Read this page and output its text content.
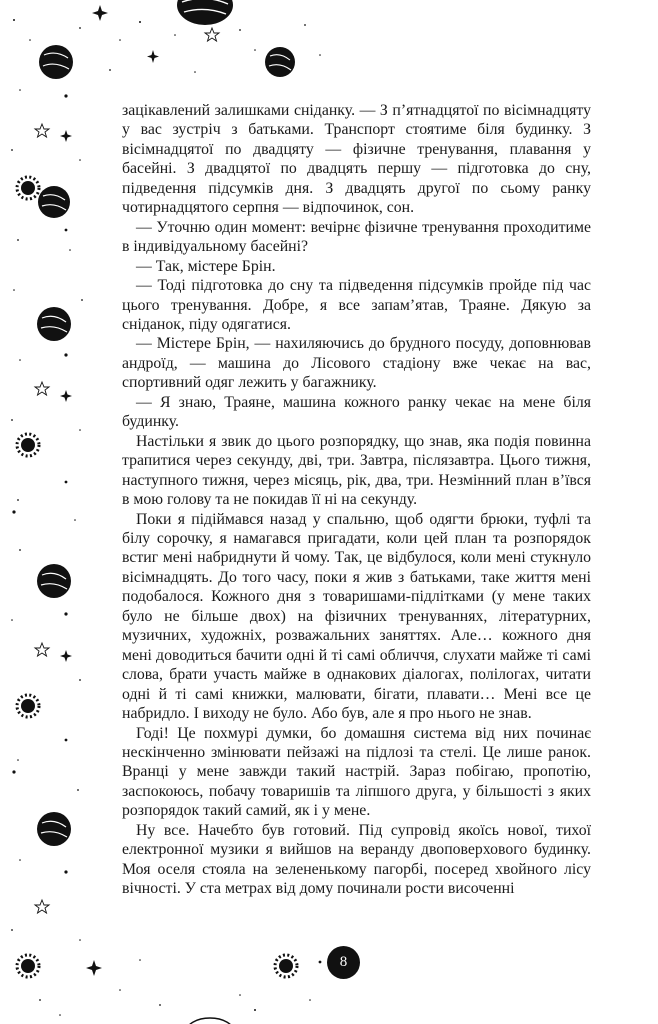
зацікавлений залишками сніданку. — З п’ятнадцятої по вісімнадцяту у вас зустріч з батьками. Транспорт стоятиме біля будинку. З вісімнадцятої по двадцяту — фізичне тренування, плавання у басейні. З двадцятої по двадцять першу — підготовка до сну, підведення підсумків дня. З двадцять другої по сьому ранку чотирнадцятого серпня — відпочинок, сон.

— Уточню один момент: вечірнє фізичне тренування проходитиме в індивідуальному басейні?

— Так, містере Брін.

— Тоді підготовка до сну та підведення підсумків пройде під час цього тренування. Добре, я все запам’ятав, Траяне. Дякую за сніданок, піду одягатися.

— Містере Брін, — нахиляючись до брудного посуду, доповнював андроїд, — машина до Лісового стадіону вже чекає на вас, спортивний одяг лежить у багажнику.

— Я знаю, Траяне, машина кожного ранку чекає на мене біля будинку.

Настільки я звик до цього розпорядку, що знав, яка подія повинна трапитися через секунду, дві, три. Завтра, післязавтра. Цього тижня, наступного тижня, через місяць, рік, два, три. Незмінний план в’ївся в мою голову та не покидав її ні на секунду.

Поки я підіймався назад у спальню, щоб одягти брюки, туфлі та білу сорочку, я намагався пригадати, коли цей план та розпорядок встиг мені набриднути й чому. Так, це відбулося, коли мені стукнуло вісімнадцять. До того часу, поки я жив з батьками, таке життя мені подобалося. Кожного дня з товаришами-підлітками (у мене таких було не більше двох) на фізичних тренуваннях, літературних, музичних, художніх, розважальних заняттях. Але… кожного дня мені доводиться бачити одні й ті самі обличчя, слухати майже ті самі слова, брати участь майже в однакових діалогах, полілогах, читати одні й ті самі книжки, малювати, бігати, плавати… Мені все це набридло. І виходу не було. Або був, але я про нього не знав.

Годі! Це похмурі думки, бо домашня система від них починає нескінченно змінювати пейзажі на підлозі та стелі. Це лише ранок. Вранці у мене завжди такий настрій. Зараз побігаю, пропотію, заспокоюсь, побачу товаришів та ліпшого друга, у більшості з яких розпорядок такий самий, як і у мене.

Ну все. Начебто був готовий. Під супровід якоїсь нової, тихої електронної музики я вийшов на веранду двоповерхового будинку. Моя оселя стояла на зелененькому пагорбі, посеред хвойного лісу вічності. У ста метрах від дому починали рости височенні

8
